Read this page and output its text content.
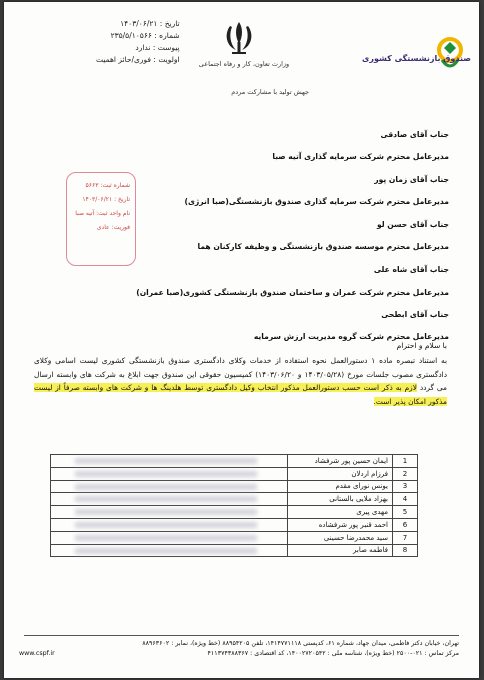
تاریخ : ۱۴۰۳/۰۶/۲۱
شماره : ۲۳۵/۵/۱۰۵۶۶
پیوست : ندارد
اولویت : فوری/حائز اهمیت	وزارت تعاون، کار و رفاه اجتماعی
صندوق بازنشستگی کشوری
جهش تولید با مشارکت مردم
جناب آقای صادقی
مدیرعامل محترم شرکت سرمایه گذاری آتیه صبا
جناب آقای زمان پور
مدیرعامل محترم شرکت سرمایه گذاری صندوق بازنشستگی(صبا انرژی)
جناب آقای حسن لو
مدیرعامل محترم موسسه صندوق بازنشستگی و وظیفه کارکنان هما
جناب آقای شاه علی
مدیرعامل محترم شرکت عمران و ساختمان صندوق بازنشستگی کشوری(صبا عمران)
جناب آقای ابطحی
مدیرعامل محترم شرکت گروه مدیریت ارزش سرمایه
شماره ثبت: ۵۶۶۳
تاریخ : ۱۴۰۳/۰۶/۲۱
نام واحد ثبت: آتیه صبا
فوریت: عادی
با سلام و احترام
به استناد تبصره ماده ۱ دستورالعمل نحوه استفاده از خدمات وکلای دادگستری صندوق بازنشستگی کشوری لیست اسامی وکلای دادگستری مصوب جلسات مورخ (۱۴۰۳/۰۵/۲۸ و ۱۴۰۳/۰۶/۲۰) کمیسیون حقوقی این صندوق جهت ابلاغ به شرکت های وابسته ارسال می گردد لازم به ذکر است حسب دستورالعمل مذکور انتخاب وکیل دادگستری توسط هلدینگ ها و شرکت های وابسته صرفاً از لیست مذکور امکان پذیر است.
1	ایمان حسین پور شرفشاد	

2	فرزام اردلان	

3	یونس نورای مقدم	

4	بهزاد ملایی بالستانی	

5	مهدی پیری	

6	احمد قنبر پور شرفشاده	

7	سید محمدرضا حسینی	

8	فاطمه صابر	
تهران، خیابان دکتر فاطمی، میدان جهاد، شماره ۶۱، کدپستی ۱۴۱۴۷۷۱۱۱۸، تلفن ۸۸۹۵۴۲۰۵ (خط ویژه)، نمابر : ۸۸۹۶۳۶۰۲
مرکز تماس : ۰۲۱-۲۵۰۰ (خط ویژه)، شناسه ملی : ۱۴۰۰۲۷۲۰۵۴۲، کد اقتصادی : ۴۱۱۳۷۴۳۸۸۳۶۷
www.cspf.ir
